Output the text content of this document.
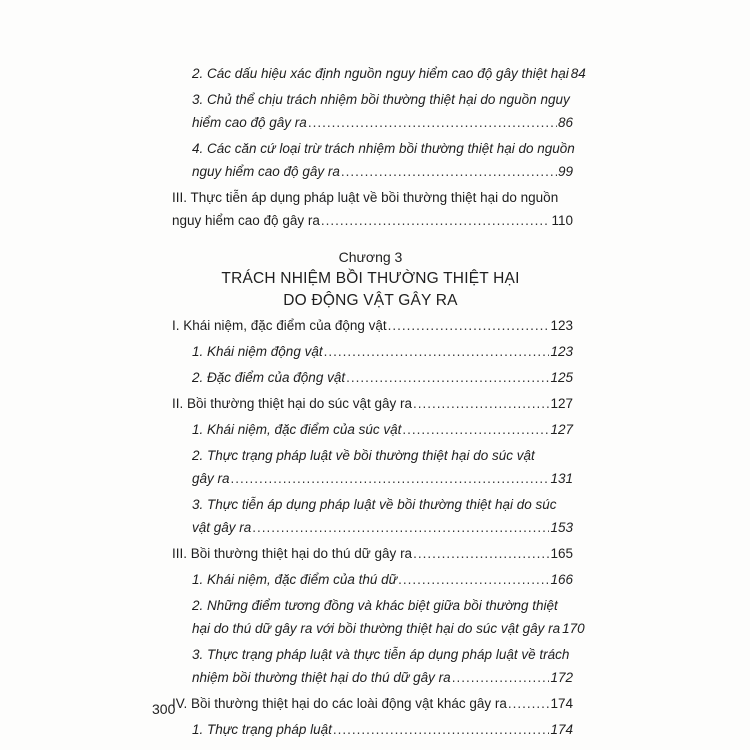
2. Các dấu hiệu xác định nguồn nguy hiểm cao độ gây thiệt hại 84
3. Chủ thể chịu trách nhiệm bồi thường thiệt hại do nguồn nguy
hiểm cao độ gây ra .....	86
4. Các căn cứ loại trừ trách nhiệm bồi thường thiệt hại do nguồn
nguy hiểm cao độ gây ra .....	99
III. Thực tiễn áp dụng pháp luật về bồi thường thiệt hại do nguồn
nguy hiểm cao độ gây ra .....	110
Chương 3
TRÁCH NHIỆM BỒI THƯỜNG THIỆT HẠI
DO ĐỘNG VẬT GÂY RA
I. Khái niệm, đặc điểm của động vật .....	123
1. Khái niệm động vật .....	123
2. Đặc điểm của động vật .....	125
II. Bồi thường thiệt hại do súc vật gây ra .....	127
1. Khái niệm, đặc điểm của súc vật .....	127
2. Thực trạng pháp luật về bồi thường thiệt hại do súc vật
gây ra .....	131
3. Thực tiễn áp dụng pháp luật về bồi thường thiệt hại do súc
vật gây ra .....	153
III. Bồi thường thiệt hại do thú dữ gây ra .....	165
1. Khái niệm, đặc điểm của thú dữ .....	166
2. Những điểm tương đồng và khác biệt giữa bồi thường thiệt
hại do thú dữ gây ra với bồi thường thiệt hại do súc vật gây ra 170
3. Thực trạng pháp luật và thực tiễn áp dụng pháp luật về trách
nhiệm bồi thường thiệt hại do thú dữ gây ra .....	172
IV. Bồi thường thiệt hại do các loài động vật khác gây ra .....	174
1. Thực trạng pháp luật .....	174
300
